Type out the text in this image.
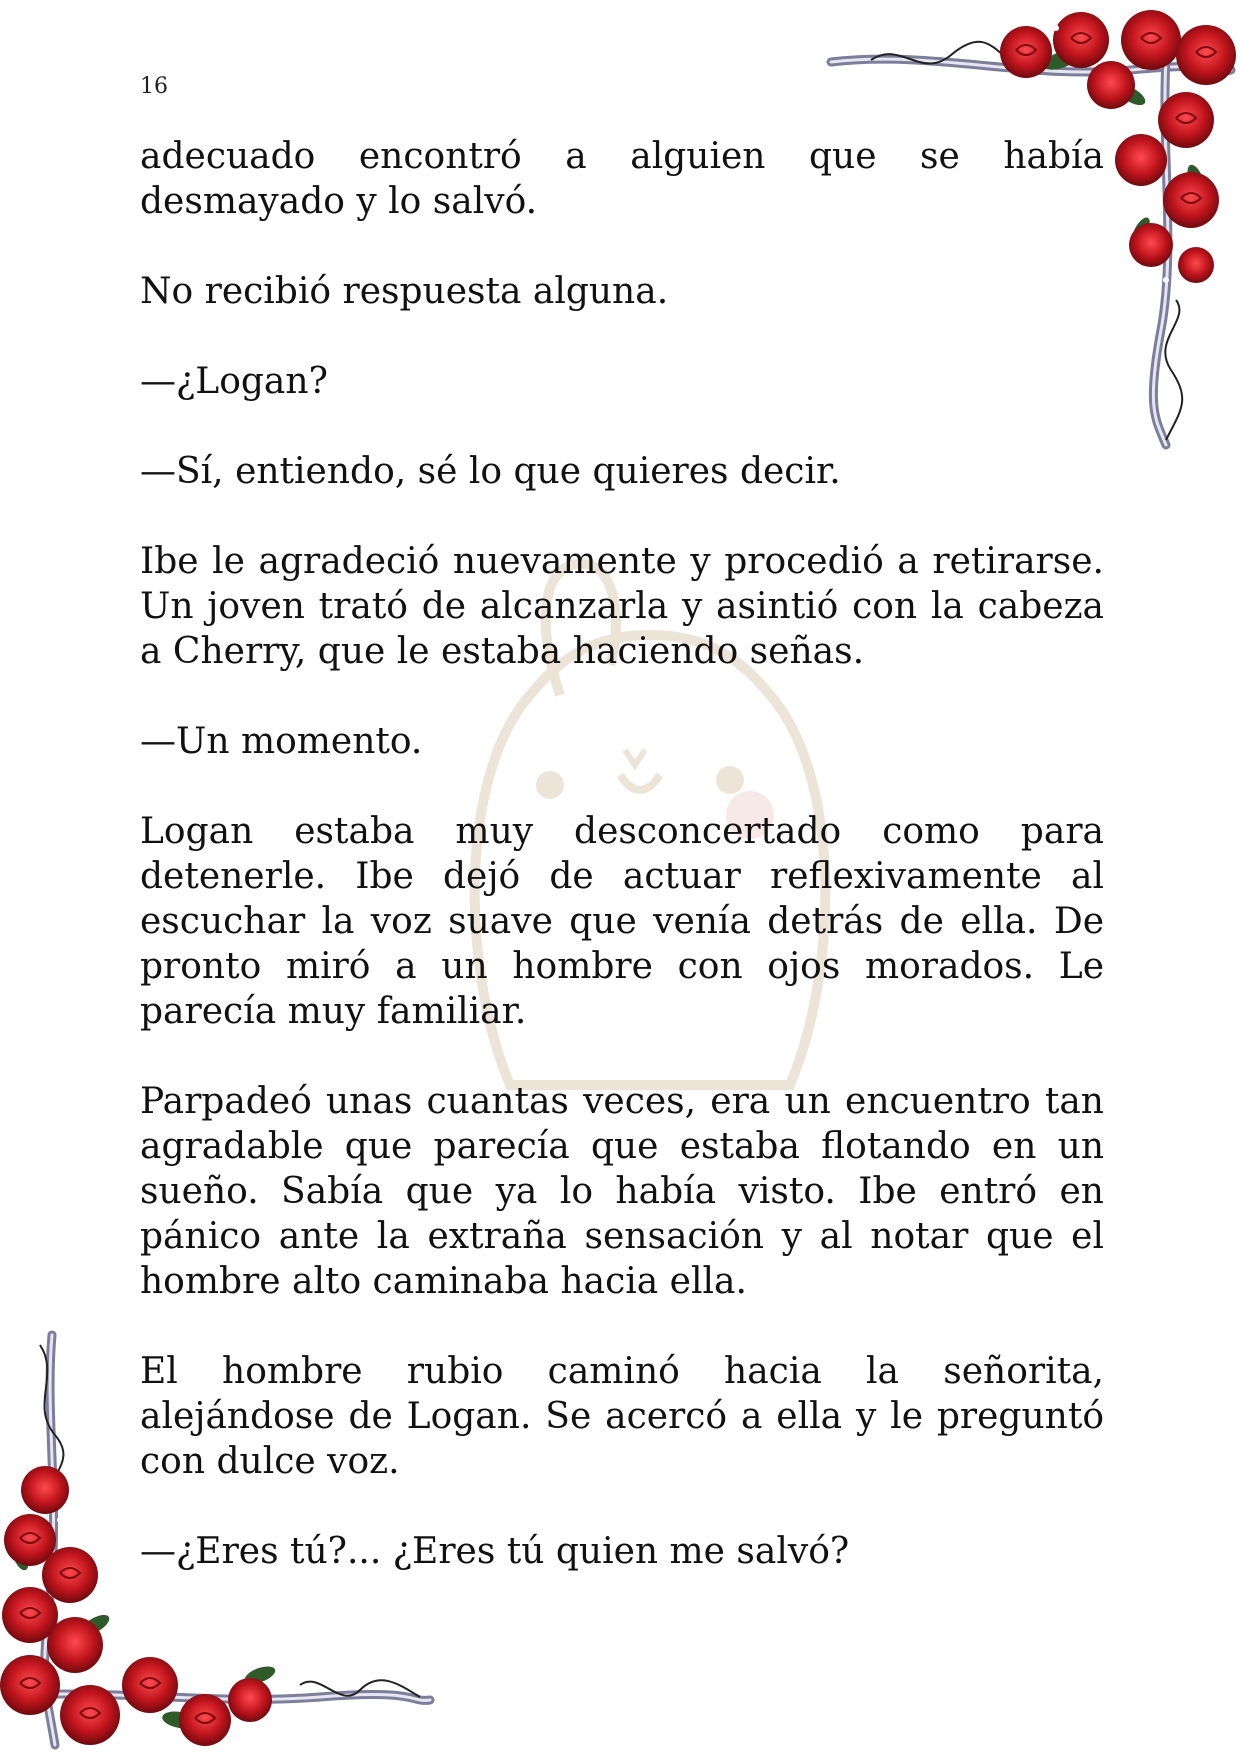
16

adecuado encontró a alguien que se había desmayado y lo salvó.

No recibió respuesta alguna.

—¿Logan?

—Sí, entiendo, sé lo que quieres decir.

Ibe le agradeció nuevamente y procedió a retirarse. Un joven trató de alcanzarla y asintió con la cabeza a Cherry, que le estaba haciendo señas.

—Un momento.

Logan estaba muy desconcertado como para detenerle. Ibe dejó de actuar reflexivamente al escuchar la voz suave que venía detrás de ella. De pronto miró a un hombre con ojos morados. Le parecía muy familiar.

Parpadeó unas cuantas veces, era un encuentro tan agradable que parecía que estaba flotando en un sueño. Sabía que ya lo había visto. Ibe entró en pánico ante la extraña sensación y al notar que el hombre alto caminaba hacia ella.

El hombre rubio caminó hacia la señorita, alejándose de Logan. Se acercó a ella y le preguntó con dulce voz.

—¿Eres tú?... ¿Eres tú quien me salvó?
